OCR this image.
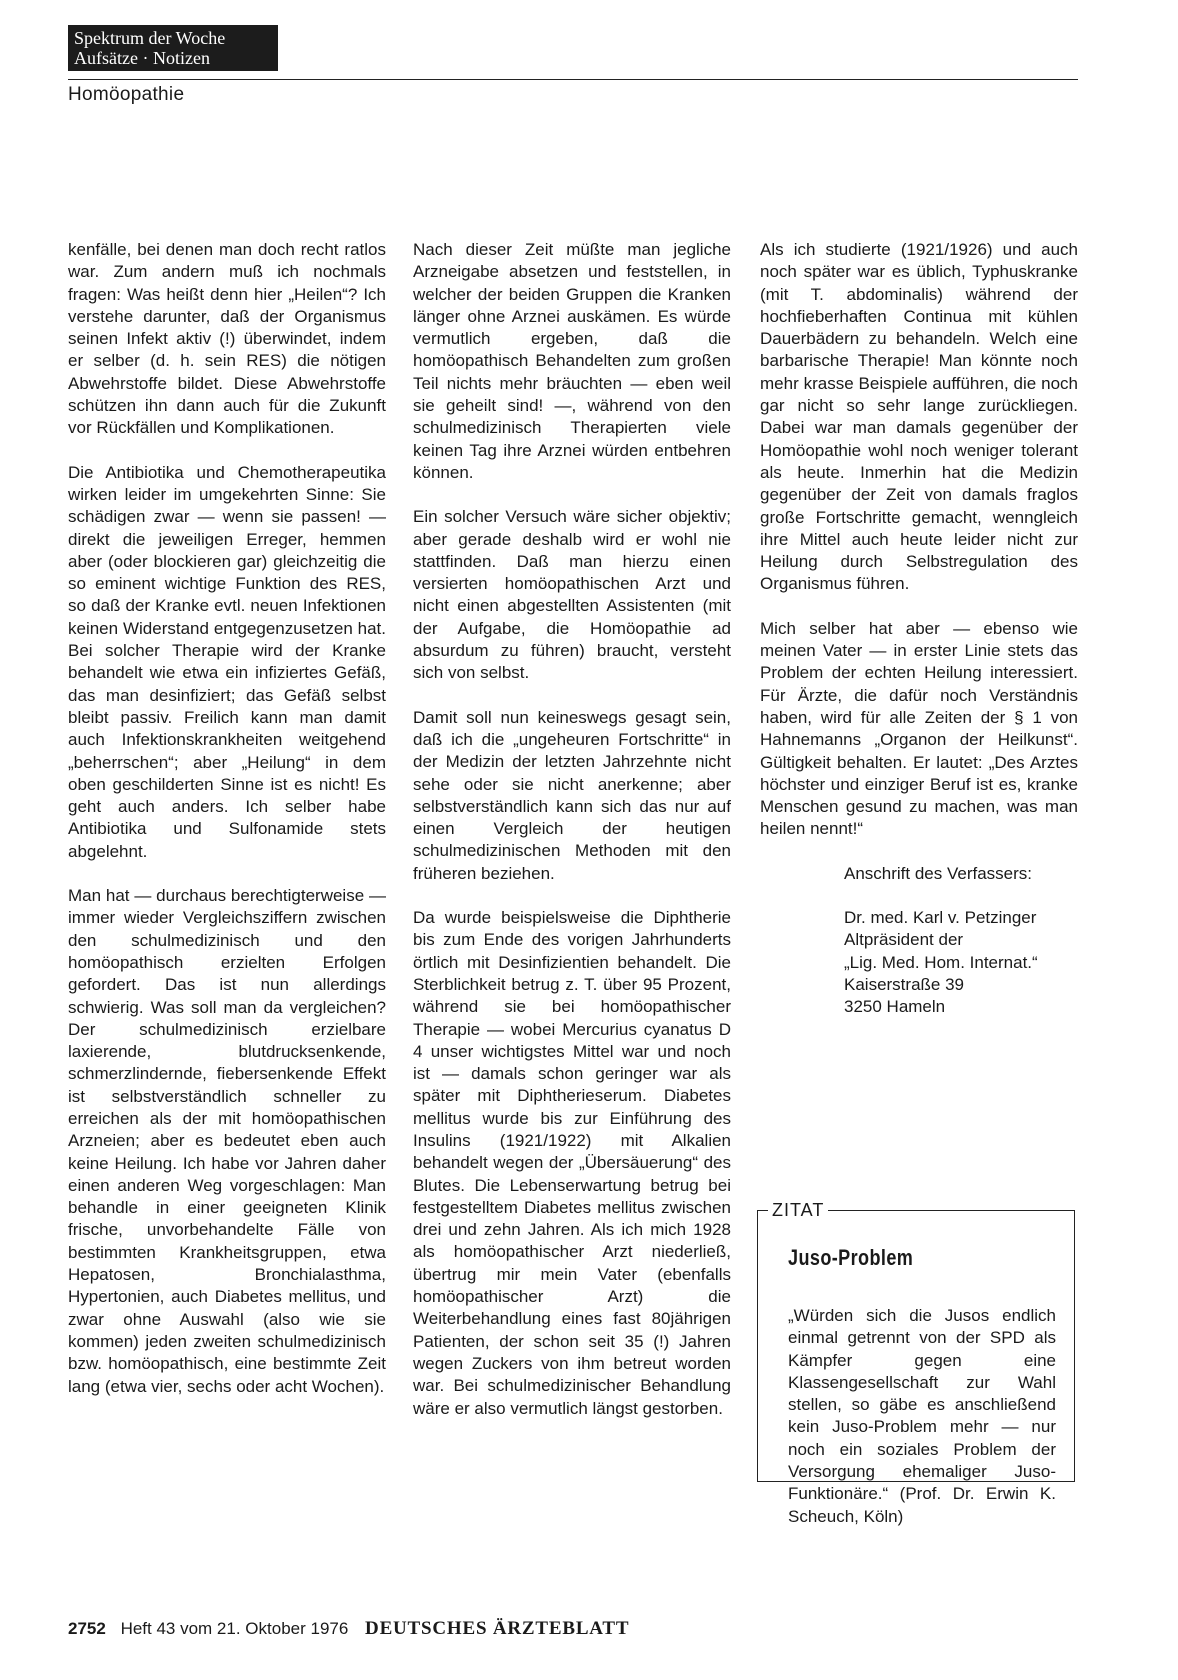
Spektrum der Woche
Aufsätze · Notizen
Homöopathie

kenfälle, bei denen man doch recht ratlos war. Zum andern muß ich nochmals fragen: Was heißt denn hier „Heilen“? Ich verstehe darunter, daß der Organismus seinen Infekt aktiv (!) überwindet, indem er selber (d. h. sein RES) die nötigen Abwehrstoffe bildet. Diese Abwehrstoffe schützen ihn dann auch für die Zukunft vor Rückfällen und Komplikationen.

Die Antibiotika und Chemotherapeutika wirken leider im umgekehrten Sinne: Sie schädigen zwar — wenn sie passen! — direkt die jeweiligen Erreger, hemmen aber (oder blockieren gar) gleichzeitig die so eminent wichtige Funktion des RES, so daß der Kranke evtl. neuen Infektionen keinen Widerstand entgegenzusetzen hat. Bei solcher Therapie wird der Kranke behandelt wie etwa ein infiziertes Gefäß, das man desinfiziert; das Gefäß selbst bleibt passiv. Freilich kann man damit auch Infektionskrankheiten weitgehend „beherrschen“; aber „Heilung“ in dem oben geschilderten Sinne ist es nicht! Es geht auch anders. Ich selber habe Antibiotika und Sulfonamide stets abgelehnt.

Man hat — durchaus berechtigterweise — immer wieder Vergleichsziffern zwischen den schulmedizinisch und den homöopathisch erzielten Erfolgen gefordert. Das ist nun allerdings schwierig. Was soll man da vergleichen? Der schulmedizinisch erzielbare laxierende, blutdrucksenkende, schmerzlindernde, fiebersenkende Effekt ist selbstverständlich schneller zu erreichen als der mit homöopathischen Arzneien; aber es bedeutet eben auch keine Heilung. Ich habe vor Jahren daher einen anderen Weg vorgeschlagen: Man behandle in einer geeigneten Klinik frische, unvorbehandelte Fälle von bestimmten Krankheitsgruppen, etwa Hepatosen, Bronchialasthma, Hypertonien, auch Diabetes mellitus, und zwar ohne Auswahl (also wie sie kommen) jeden zweiten schulmedizinisch bzw. homöopathisch, eine bestimmte Zeit lang (etwa vier, sechs oder acht Wochen).

Nach dieser Zeit müßte man jegliche Arzneigabe absetzen und feststellen, in welcher der beiden Gruppen die Kranken länger ohne Arznei auskämen. Es würde vermutlich ergeben, daß die homöopathisch Behandelten zum großen Teil nichts mehr bräuchten — eben weil sie geheilt sind! —, während von den schulmedizinisch Therapierten viele keinen Tag ihre Arznei würden entbehren können.

Ein solcher Versuch wäre sicher objektiv; aber gerade deshalb wird er wohl nie stattfinden. Daß man hierzu einen versierten homöopathischen Arzt und nicht einen abgestellten Assistenten (mit der Aufgabe, die Homöopathie ad absurdum zu führen) braucht, versteht sich von selbst.

Damit soll nun keineswegs gesagt sein, daß ich die „ungeheuren Fortschritte“ in der Medizin der letzten Jahrzehnte nicht sehe oder sie nicht anerkenne; aber selbstverständlich kann sich das nur auf einen Vergleich der heutigen schulmedizinischen Methoden mit den früheren beziehen.

Da wurde beispielsweise die Diphtherie bis zum Ende des vorigen Jahrhunderts örtlich mit Desinfizientien behandelt. Die Sterblichkeit betrug z. T. über 95 Prozent, während sie bei homöopathischer Therapie — wobei Mercurius cyanatus D 4 unser wichtigstes Mittel war und noch ist — damals schon geringer war als später mit Diphtherieserum. Diabetes mellitus wurde bis zur Einführung des Insulins (1921/1922) mit Alkalien behandelt wegen der „Übersäuerung“ des Blutes. Die Lebenserwartung betrug bei festgestelltem Diabetes mellitus zwischen drei und zehn Jahren. Als ich mich 1928 als homöopathischer Arzt niederließ, übertrug mir mein Vater (ebenfalls homöopathischer Arzt) die Weiterbehandlung eines fast 80jährigen Patienten, der schon seit 35 (!) Jahren wegen Zuckers von ihm betreut worden war. Bei schulmedizinischer Behandlung wäre er also vermutlich längst gestorben.

Als ich studierte (1921/1926) und auch noch später war es üblich, Typhuskranke (mit T. abdominalis) während der hochfieberhaften Continua mit kühlen Dauerbädern zu behandeln. Welch eine barbarische Therapie! Man könnte noch mehr krasse Beispiele aufführen, die noch gar nicht so sehr lange zurückliegen. Dabei war man damals gegenüber der Homöopathie wohl noch weniger tolerant als heute. Inmerhin hat die Medizin gegenüber der Zeit von damals fraglos große Fortschritte gemacht, wenngleich ihre Mittel auch heute leider nicht zur Heilung durch Selbstregulation des Organismus führen.

Mich selber hat aber — ebenso wie meinen Vater — in erster Linie stets das Problem der echten Heilung interessiert. Für Ärzte, die dafür noch Verständnis haben, wird für alle Zeiten der § 1 von Hahnemanns „Organon der Heilkunst“. Gültigkeit behalten. Er lautet: „Des Arztes höchster und einziger Beruf ist es, kranke Menschen gesund zu machen, was man heilen nennt!“

Anschrift des Verfassers:

Dr. med. Karl v. Petzinger

Altpräsident der

„Lig. Med. Hom. Internat.“

Kaiserstraße 39

3250 Hameln

ZITAT
Juso-Problem
„Würden sich die Jusos endlich einmal getrennt von der SPD als Kämpfer gegen eine Klassengesellschaft zur Wahl stellen, so gäbe es anschließend kein Juso-Problem mehr — nur noch ein soziales Problem der Versorgung ehemaliger Juso-Funktionäre.“ (Prof. Dr. Erwin K. Scheuch, Köln)
2752 Heft 43 vom 21. Oktober 1976 DEUTSCHES ÄRZTEBLATT
